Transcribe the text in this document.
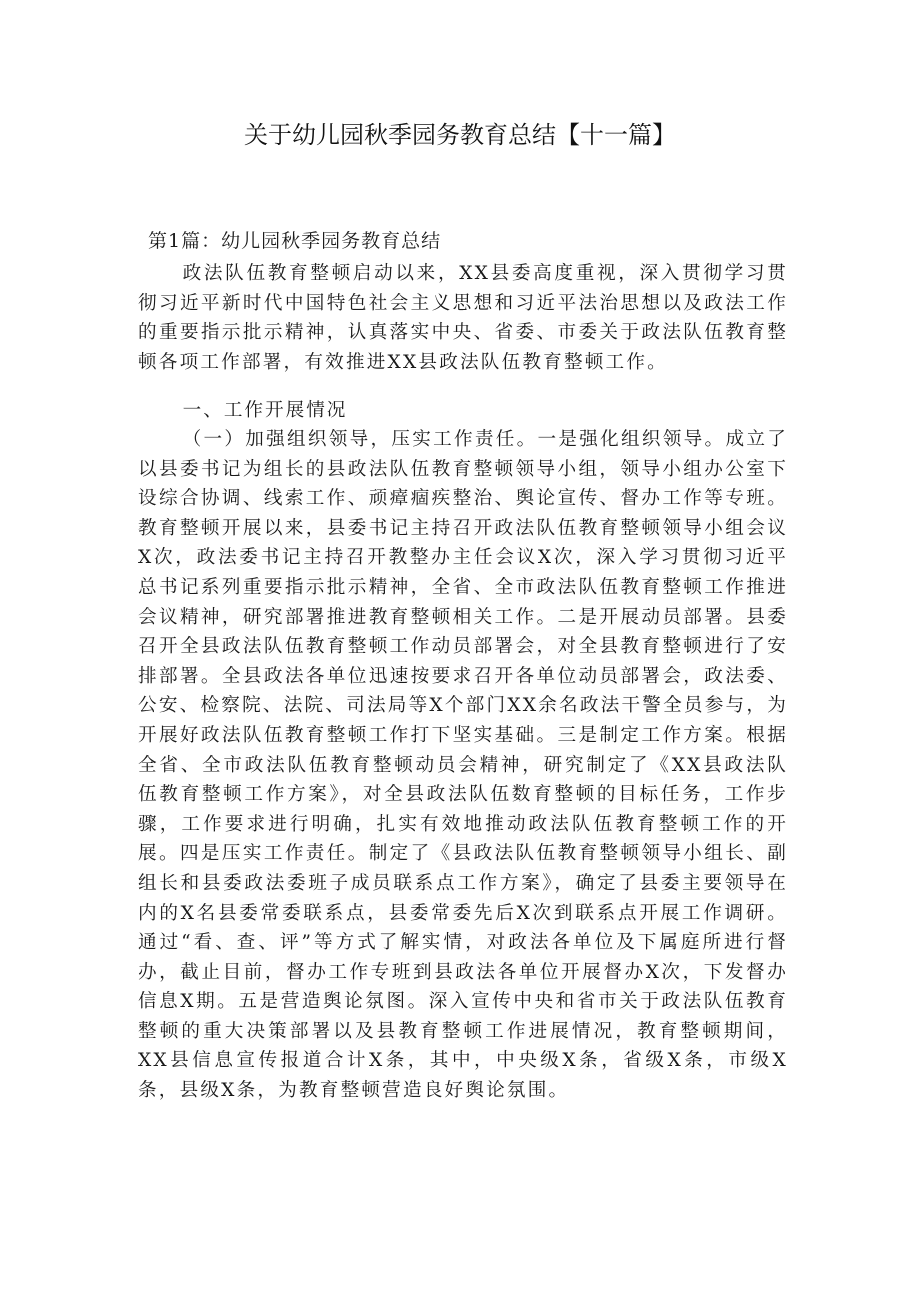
关于幼儿园秋季园务教育总结【十一篇】
第1篇：幼儿园秋季园务教育总结

政法队伍教育整顿启动以来，XX县委高度重视，深入贯彻学习贯彻习近平新时代中国特色社会主义思想和习近平法治思想以及政法工作的重要指示批示精神，认真落实中央、省委、市委关于政法队伍教育整顿各项工作部署，有效推进XX县政法队伍教育整顿工作。

一、工作开展情况

（一）加强组织领导，压实工作责任。一是强化组织领导。成立了以县委书记为组长的县政法队伍教育整顿领导小组，领导小组办公室下设综合协调、线索工作、顽瘴痼疾整治、舆论宣传、督办工作等专班。教育整顿开展以来，县委书记主持召开政法队伍教育整顿领导小组会议X次，政法委书记主持召开教整办主任会议X次，深入学习贯彻习近平总书记系列重要指示批示精神，全省、全市政法队伍教育整顿工作推进会议精神，研究部署推进教育整顿相关工作。二是开展动员部署。县委召开全县政法队伍教育整顿工作动员部署会，对全县教育整顿进行了安排部署。全县政法各单位迅速按要求召开各单位动员部署会，政法委、公安、检察院、法院、司法局等X个部门XX余名政法干警全员参与，为开展好政法队伍教育整顿工作打下坚实基础。三是制定工作方案。根据全省、全市政法队伍教育整顿动员会精神，研究制定了《XX县政法队伍教育整顿工作方案》，对全县政法队伍数育整顿的目标任务，工作步骤，工作要求进行明确，扎实有效地推动政法队伍教育整顿工作的开展。四是压实工作责任。制定了《县政法队伍教育整顿领导小组长、副组长和县委政法委班子成员联系点工作方案》，确定了县委主要领导在内的X名县委常委联系点，县委常委先后X次到联系点开展工作调研。通过“看、查、评”等方式了解实情，对政法各单位及下属庭所进行督办，截止目前，督办工作专班到县政法各单位开展督办X次，下发督办信息X期。五是营造舆论氛图。深入宣传中央和省市关于政法队伍教育整顿的重大决策部署以及县教育整顿工作进展情况，教育整顿期间，XX县信息宣传报道合计X条，其中，中央级X条，省级X条，市级X条，县级X条，为教育整顿营造良好舆论氛围。
